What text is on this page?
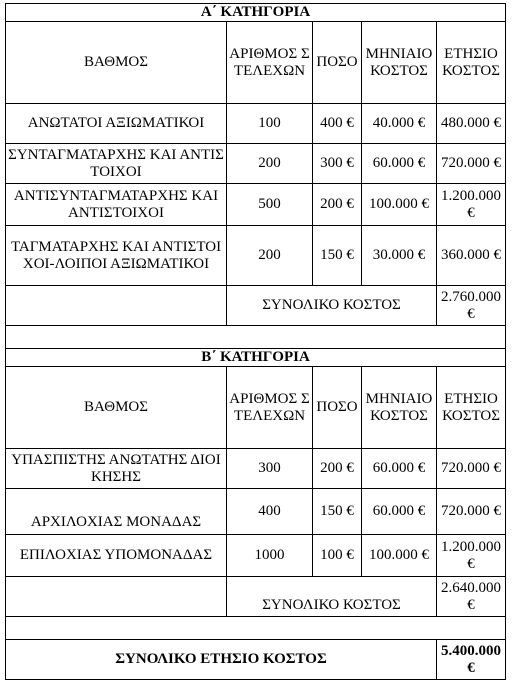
Α΄ ΚΑΤΗΓΟΡΙΑ				
ΒΑΘΜΟΣ	ΑΡΙΘΜΟΣ ΣΤΕΛΕΧΩΝ	ΠΟΣΟ	ΜΗΝΙΑΙΟ ΚΟΣΤΟΣ	ΕΤΗΣΙΟ ΚΟΣΤΟΣ
ΑΝΩΤΑΤΟΙ ΑΞΙΩΜΑΤΙΚΟΙ	100	400 €	40.000 €	480.000 €
ΣΥΝΤΑΓΜΑΤΑΡΧΗΣ ΚΑΙ ΑΝΤΙΣΤΟΙΧΟΙ	200	300 €	60.000 €	720.000 €
ΑΝΤΙΣΥΝΤΑΓΜΑΤΑΡΧΗΣ ΚΑΙ ΑΝΤΙΣΤΟΙΧΟΙ	500	200 €	100.000 €	1.200.000 €
ΤΑΓΜΑΤΑΡΧΗΣ ΚΑΙ ΑΝΤΙΣΤΟΙΧΟΙ-ΛΟΙΠΟΙ ΑΞΙΩΜΑΤΙΚΟΙ	200	150 €	30.000 €	360.000 €
	ΣΥΝΟΛΙΚΟ ΚΟΣΤΟΣ			2.760.000 €

Β΄ ΚΑΤΗΓΟΡΙΑ				
ΒΑΘΜΟΣ	ΑΡΙΘΜΟΣ ΣΤΕΛΕΧΩΝ	ΠΟΣΟ	ΜΗΝΙΑΙΟ ΚΟΣΤΟΣ	ΕΤΗΣΙΟ ΚΟΣΤΟΣ
ΥΠΑΣΠΙΣΤΗΣ ΑΝΩΤΑΤΗΣ ΔΙΟΙΚΗΣΗΣ	300	200 €	60.000 €	720.000 €
ΑΡΧΙΛΟΧΙΑΣ ΜΟΝΑΔΑΣ	400	150 €	60.000 €	720.000 €
ΕΠΙΛΟΧΙΑΣ ΥΠΟΜΟΝΑΔΑΣ	1000	100 €	100.000 €	1.200.000 €
	ΣΥΝΟΛΙΚΟ ΚΟΣΤΟΣ			2.640.000 €

ΣΥΝΟΛΙΚΟ ΕΤΗΣΙΟ ΚΟΣΤΟΣ				5.400.000 €
